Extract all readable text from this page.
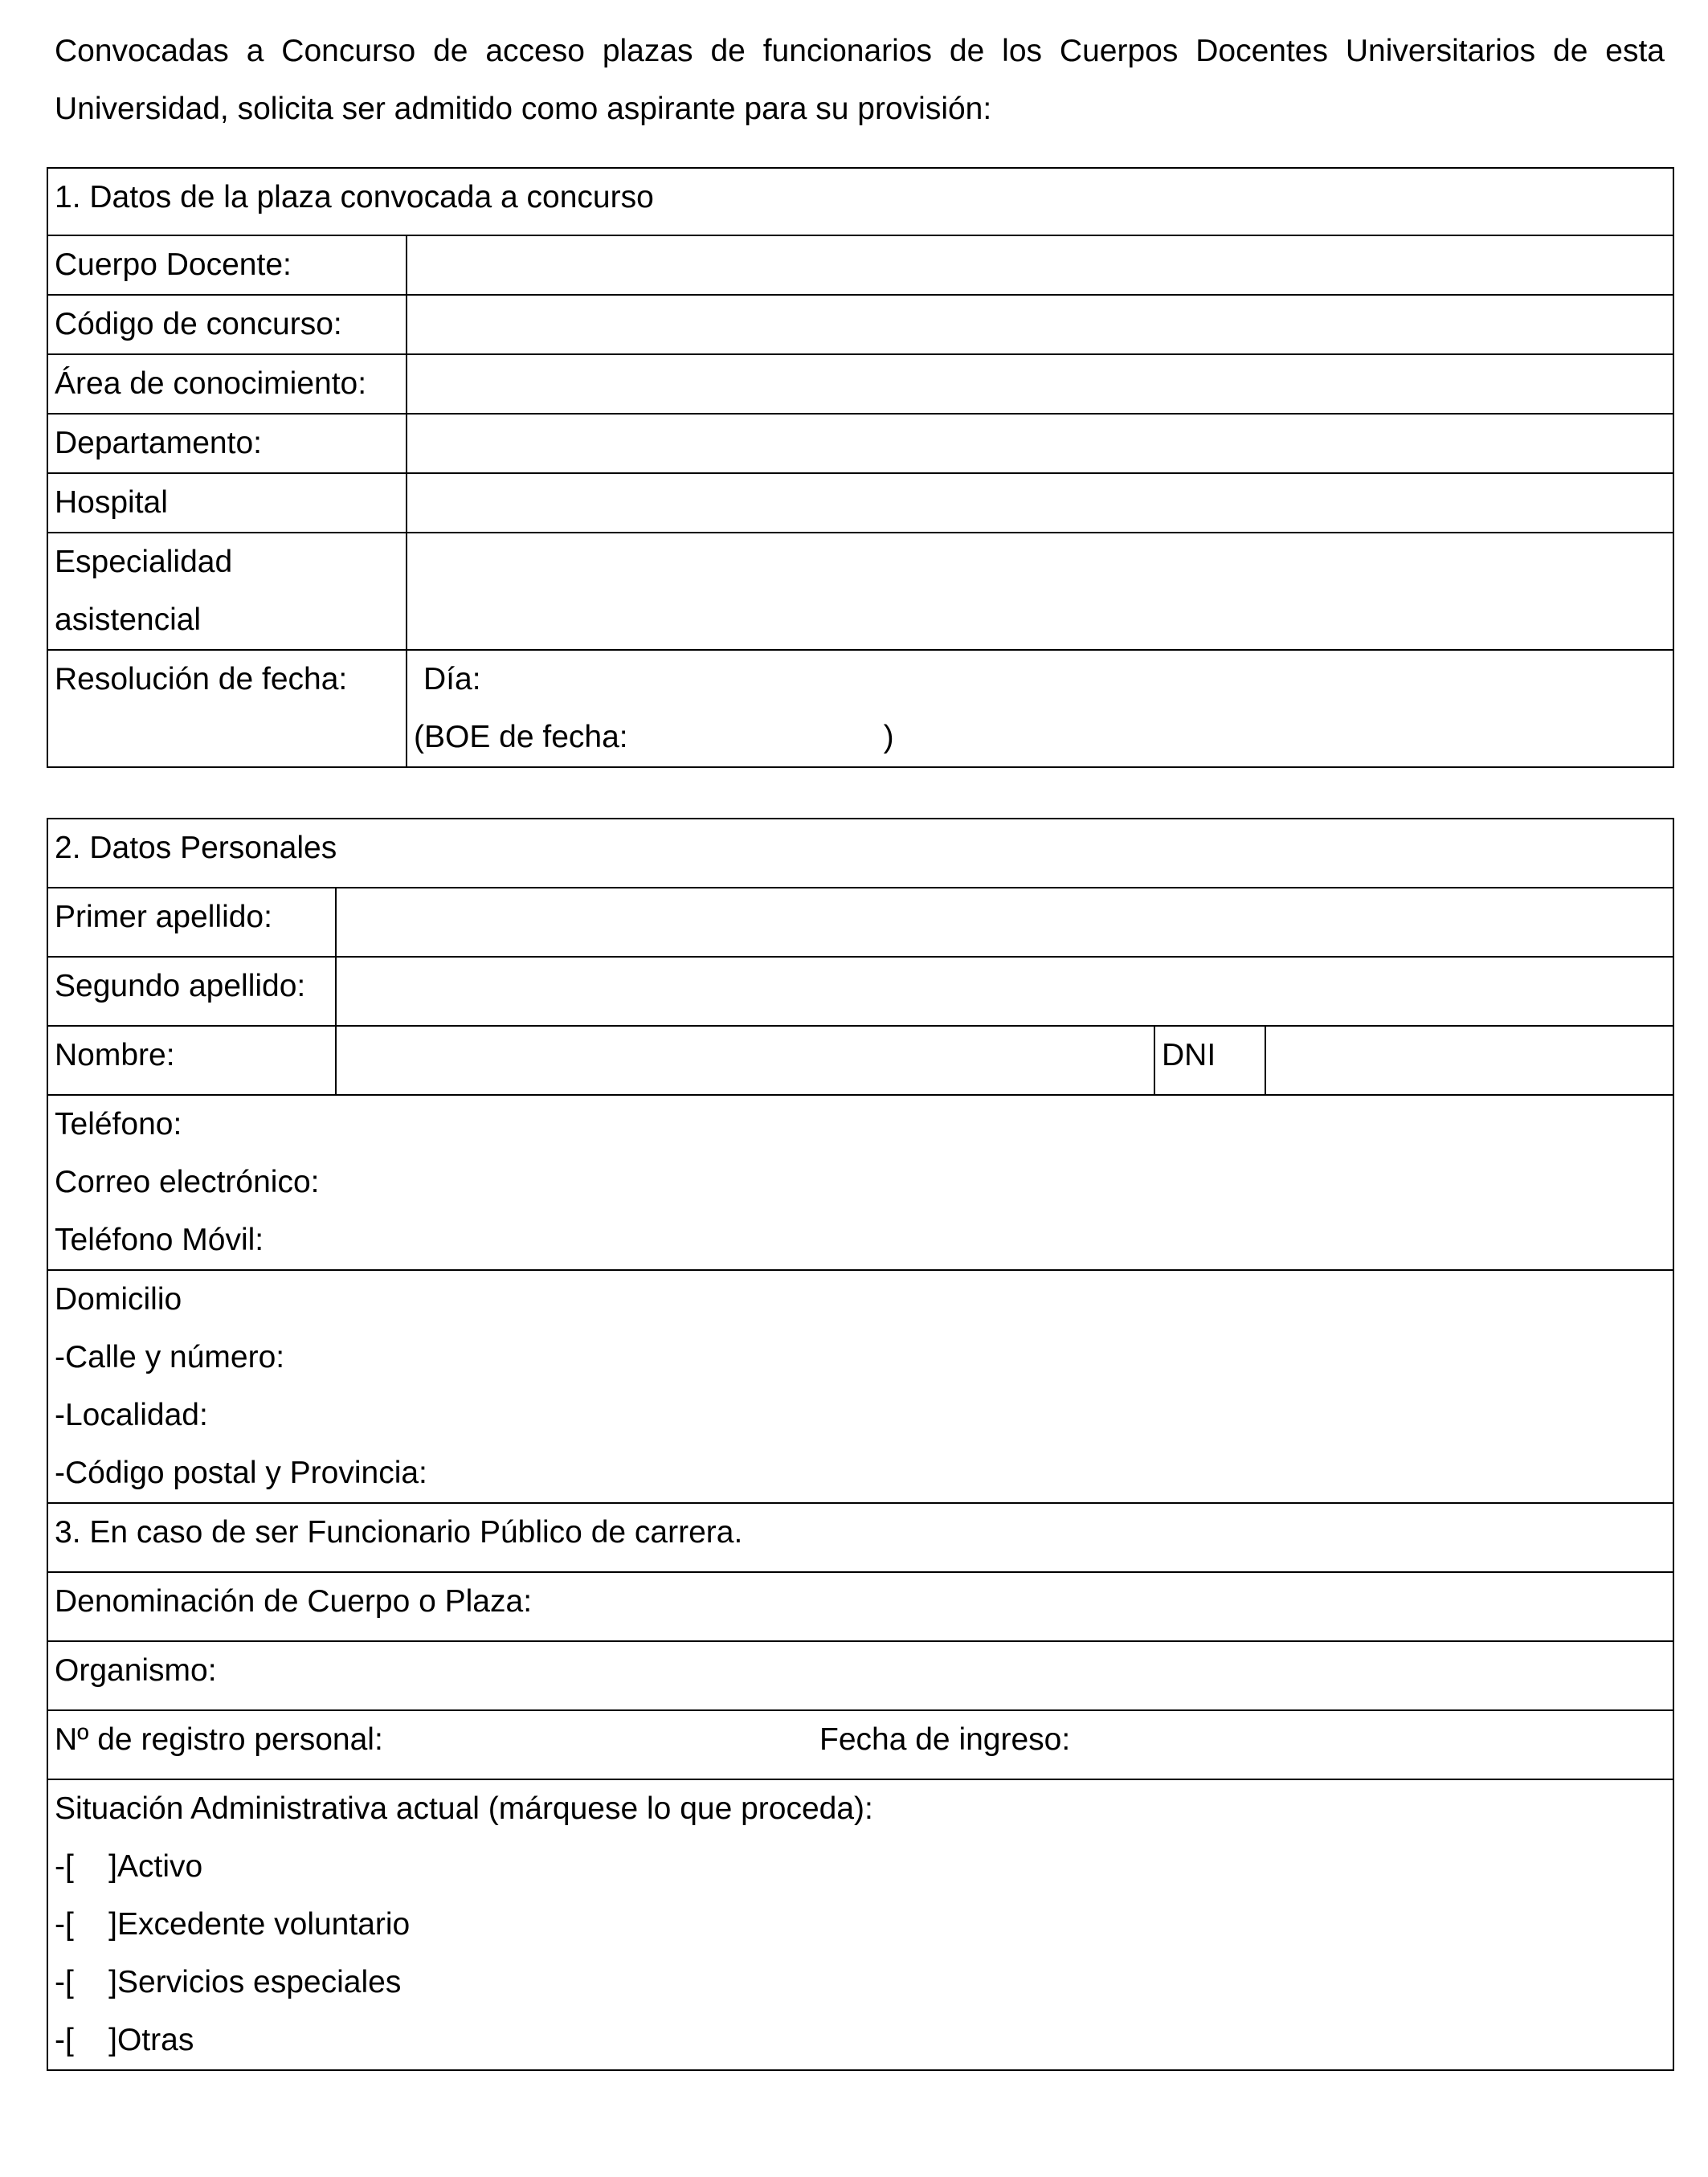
Convocadas a Concurso de acceso plazas de funcionarios de los Cuerpos Docentes Universitarios de esta
Universidad, solicita ser admitido como aspirante para su provisión:
1. Datos de la plaza convocada a concurso	
Cuerpo Docente:	
Código de concurso:	
Área de conocimiento:	
Departamento:	
Hospital	

Especialidad
asistencial	

Resolución de fecha:	Día:
(BOE de fecha: )
2. Datos Personales			
Primer apellido:			
Segundo apellido:			
Nombre:		DNI	

Teléfono:
Correo electrónico:
Teléfono Móvil:			

Domicilio
-Calle y número:
-Localidad:
-Código postal y Provincia:			

3. En caso de ser Funcionario Público de carrera.			
Denominación de Cuerpo o Plaza:			
Organismo:			

Nº de registro personal: Fecha de ingreso:			

Situación Administrativa actual (márquese lo que proceda):
-[    ]Activo
-[    ]Excedente voluntario
-[    ]Servicios especiales
-[    ]Otras			
